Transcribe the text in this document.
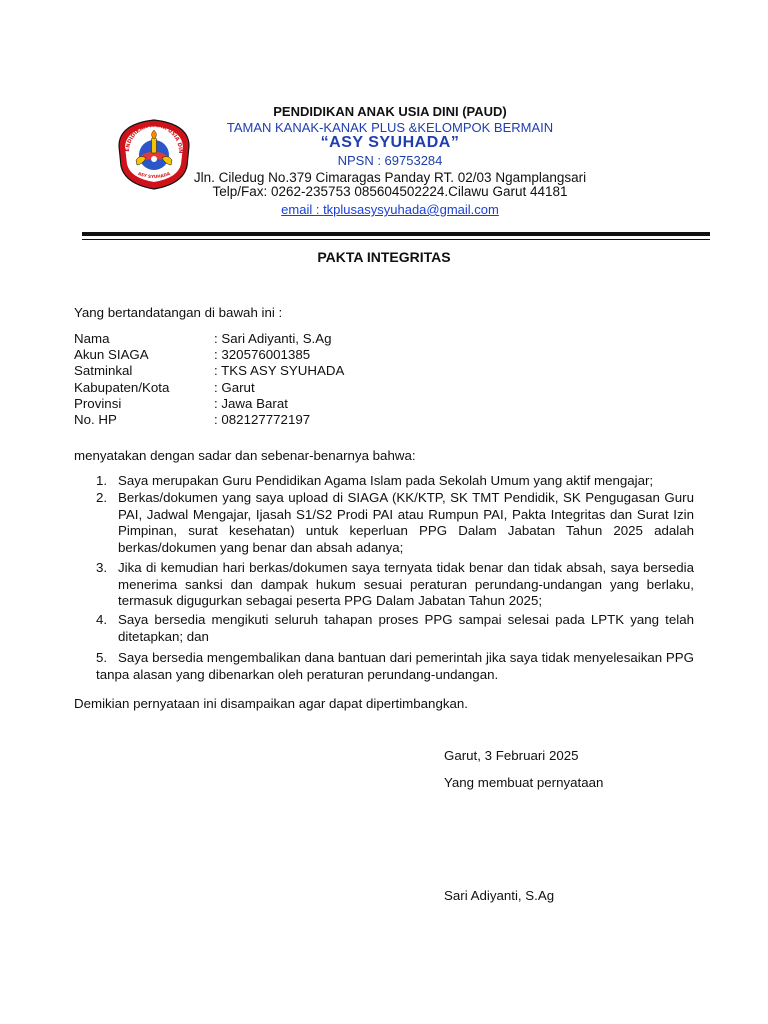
ENDIDIKAN ANAK USIA DIN
ASY SYUHADA
PENDIDIKAN ANAK USIA DINI (PAUD)
TAMAN KANAK-KANAK PLUS &KELOMPOK BERMAIN
“ASY SYUHADA”
NPSN : 69753284
Jln. Ciledug No.379 Cimaragas Panday RT. 02/03 Ngamplangsari
Telp/Fax: 0262-235753 085604502224.Cilawu Garut 44181
email : tkplusasysyuhada@gmail.com
PAKTA INTEGRITAS
Yang bertandatangan di bawah ini :
Nama	: Sari Adiyanti, S.Ag
Akun SIAGA	: 320576001385
Satminkal	: TKS ASY SYUHADA
Kabupaten/Kota	: Garut
Provinsi	: Jawa Barat
No. HP	: 082127772197
menyatakan dengan sadar dan sebenar-benarnya bahwa:
1. Saya merupakan Guru Pendidikan Agama Islam pada Sekolah Umum yang aktif mengajar;
2. Berkas/dokumen yang saya upload di SIAGA (KK/KTP, SK TMT Pendidik, SK Pengugasan Guru PAI, Jadwal Mengajar, Ijasah S1/S2 Prodi PAI atau Rumpun PAI, Pakta Integritas dan Surat Izin Pimpinan, surat kesehatan) untuk keperluan PPG Dalam Jabatan Tahun 2025 adalah berkas/dokumen yang benar dan absah adanya;
3. Jika di kemudian hari berkas/dokumen saya ternyata tidak benar dan tidak absah, saya bersedia menerima sanksi dan dampak hukum sesuai peraturan perundang-undangan yang berlaku, termasuk digugurkan sebagai peserta PPG Dalam Jabatan Tahun 2025;
4. Saya bersedia mengikuti seluruh tahapan proses PPG sampai selesai pada LPTK yang telah ditetapkan; dan
5. Saya bersedia mengembalikan dana bantuan dari pemerintah jika saya tidak menyelesaikan PPG tanpa alasan yang dibenarkan oleh peraturan perundang-undangan.
Demikian pernyataan ini disampaikan agar dapat dipertimbangkan.
Garut, 3 Februari 2025
Yang membuat pernyataan
Sari Adiyanti, S.Ag
